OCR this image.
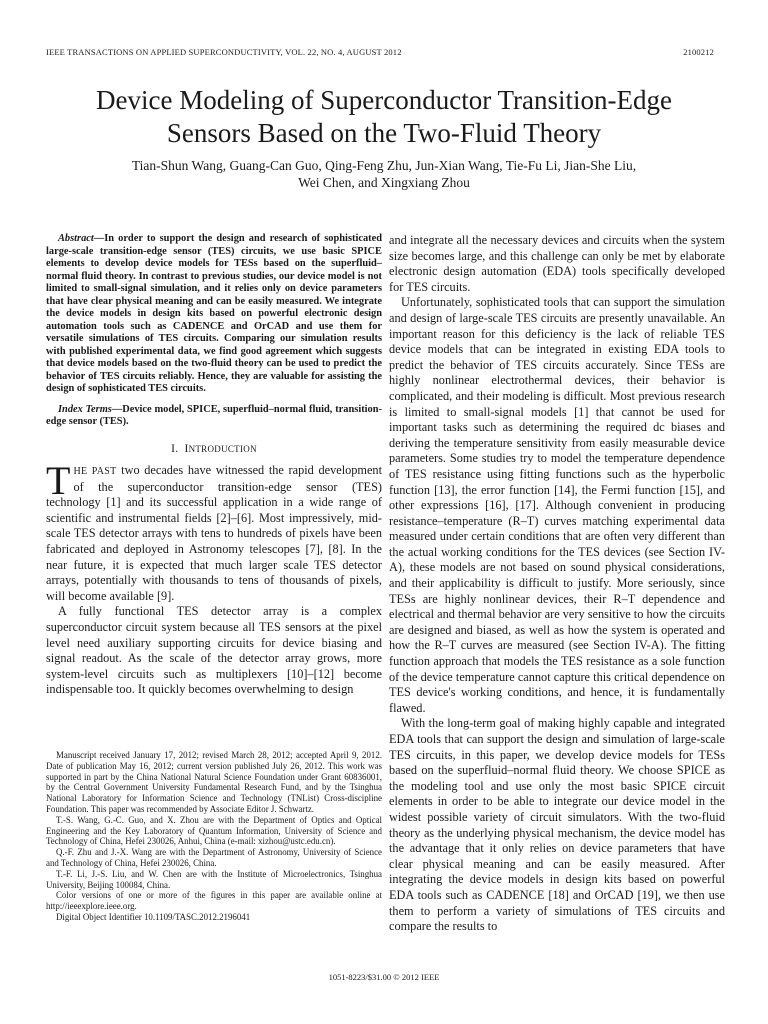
IEEE TRANSACTIONS ON APPLIED SUPERCONDUCTIVITY, VOL. 22, NO. 4, AUGUST 2012	2100212
Device Modeling of Superconductor Transition-Edge
Sensors Based on the Two-Fluid Theory
Tian-Shun Wang, Guang-Can Guo, Qing-Feng Zhu, Jun-Xian Wang, Tie-Fu Li, Jian-She Liu,
Wei Chen, and Xingxiang Zhou

Abstract—In order to support the design and research of sophisticated large-scale transition-edge sensor (TES) circuits, we use basic SPICE elements to develop device models for TESs based on the superfluid–normal fluid theory. In contrast to previous studies, our device model is not limited to small-signal simulation, and it relies only on device parameters that have clear physical meaning and can be easily measured. We integrate the device models in design kits based on powerful electronic design automation tools such as CADENCE and OrCAD and use them for versatile simulations of TES circuits. Comparing our simulation results with published experimental data, we find good agreement which suggests that device models based on the two-fluid theory can be used to predict the behavior of TES circuits reliably. Hence, they are valuable for assisting the design of sophisticated TES circuits.

Index Terms—Device model, SPICE, superfluid–normal fluid, transition-edge sensor (TES).

I. INTRODUCTION

THE PAST two decades have witnessed the rapid development of the superconductor transition-edge sensor (TES) technology [1] and its successful application in a wide range of scientific and instrumental fields [2]–[6]. Most impressively, mid-scale TES detector arrays with tens to hundreds of pixels have been fabricated and deployed in Astronomy telescopes [7], [8]. In the near future, it is expected that much larger scale TES detector arrays, potentially with thousands to tens of thousands of pixels, will become available [9].

A fully functional TES detector array is a complex superconductor circuit system because all TES sensors at the pixel level need auxiliary supporting circuits for device biasing and signal readout. As the scale of the detector array grows, more system-level circuits such as multiplexers [10]–[12] become indispensable too. It quickly becomes overwhelming to design

and integrate all the necessary devices and circuits when the system size becomes large, and this challenge can only be met by elaborate electronic design automation (EDA) tools specifically developed for TES circuits.

Unfortunately, sophisticated tools that can support the simulation and design of large-scale TES circuits are presently unavailable. An important reason for this deficiency is the lack of reliable TES device models that can be integrated in existing EDA tools to predict the behavior of TES circuits accurately. Since TESs are highly nonlinear electrothermal devices, their behavior is complicated, and their modeling is difficult. Most previous research is limited to small-signal models [1] that cannot be used for important tasks such as determining the required dc biases and deriving the temperature sensitivity from easily measurable device parameters. Some studies try to model the temperature dependence of TES resistance using fitting functions such as the hyperbolic function [13], the error function [14], the Fermi function [15], and other expressions [16], [17]. Although convenient in producing resistance–temperature (R–T) curves matching experimental data measured under certain conditions that are often very different than the actual working conditions for the TES devices (see Section IV-A), these models are not based on sound physical considerations, and their applicability is difficult to justify. More seriously, since TESs are highly nonlinear devices, their R–T dependence and electrical and thermal behavior are very sensitive to how the circuits are designed and biased, as well as how the system is operated and how the R–T curves are measured (see Section IV-A). The fitting function approach that models the TES resistance as a sole function of the device temperature cannot capture this critical dependence on TES device's working conditions, and hence, it is fundamentally flawed.

With the long-term goal of making highly capable and integrated EDA tools that can support the design and simulation of large-scale TES circuits, in this paper, we develop device models for TESs based on the superfluid–normal fluid theory. We choose SPICE as the modeling tool and use only the most basic SPICE circuit elements in order to be able to integrate our device model in the widest possible variety of circuit simulators. With the two-fluid theory as the underlying physical mechanism, the device model has the advantage that it only relies on device parameters that have clear physical meaning and can be easily measured. After integrating the device models in design kits based on powerful EDA tools such as CADENCE [18] and OrCAD [19], we then use them to perform a variety of simulations of TES circuits and compare the results to

Manuscript received January 17, 2012; revised March 28, 2012; accepted April 9, 2012. Date of publication May 16, 2012; current version published July 26, 2012. This work was supported in part by the China National Natural Science Foundation under Grant 60836001, by the Central Government University Fundamental Research Fund, and by the Tsinghua National Laboratory for Information Science and Technology (TNList) Cross-discipline Foundation. This paper was recommended by Associate Editor J. Schwartz.

T.-S. Wang, G.-C. Guo, and X. Zhou are with the Department of Optics and Optical Engineering and the Key Laboratory of Quantum Information, University of Science and Technology of China, Hefei 230026, Anhui, China (e-mail: xizhou@ustc.edu.cn).

Q.-F. Zhu and J.-X. Wang are with the Department of Astronomy, University of Science and Technology of China, Hefei 230026, China.

T.-F. Li, J.-S. Liu, and W. Chen are with the Institute of Microelectronics, Tsinghua University, Beijing 100084, China.

Color versions of one or more of the figures in this paper are available online at http://ieeexplore.ieee.org.

Digital Object Identifier 10.1109/TASC.2012.2196041

1051-8223/$31.00 © 2012 IEEE
